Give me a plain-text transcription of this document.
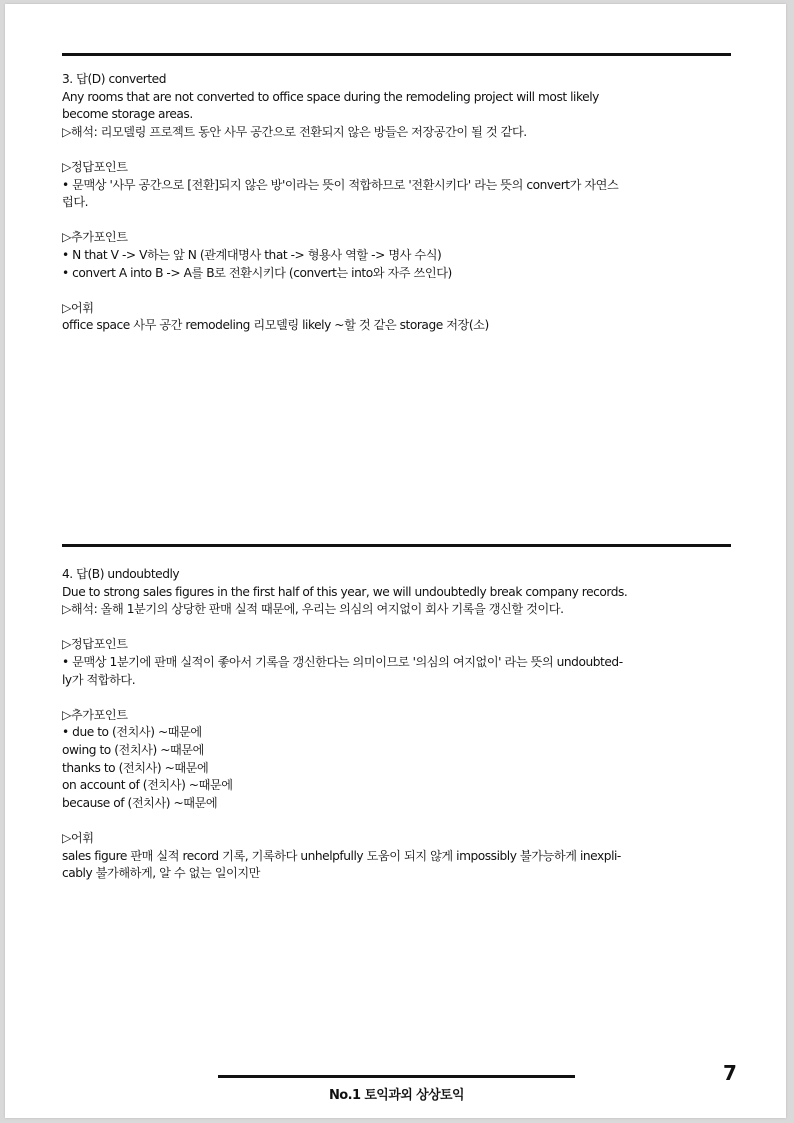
3. 답(D) converted
Any rooms that are not converted to office space during the remodeling project will most likely
become storage areas.
▷해석: 리모델링 프로젝트 동안 사무 공간으로 전환되지 않은 방들은 저장공간이 될 것 같다.
▷정답포인트
• 문맥상 '사무 공간으로 [전환]되지 않은 방'이라는 뜻이 적합하므로 '전환시키다' 라는 뜻의 convert가 자연스
럽다.
▷추가포인트
• N that V -> V하는 앞 N (관계대명사 that -> 형용사 역할 -> 명사 수식)
• convert A into B -> A를 B로 전환시키다 (convert는 into와 자주 쓰인다)
▷어휘
office space 사무 공간 remodeling 리모델링 likely ~할 것 같은 storage 저장(소)
4. 답(B) undoubtedly
Due to strong sales figures in the first half of this year, we will undoubtedly break company records.
▷해석: 올해 1분기의 상당한 판매 실적 때문에, 우리는 의심의 여지없이 회사 기록을 갱신할 것이다.
▷정답포인트
• 문맥상 1분기에 판매 실적이 좋아서 기록을 갱신한다는 의미이므로 '의심의 여지없이' 라는 뜻의 undoubted-
ly가 적합하다.
▷추가포인트
• due to (전치사) ~때문에
owing to (전치사) ~때문에
thanks to (전치사) ~때문에
on account of (전치사) ~때문에
because of (전치사) ~때문에
▷어휘
sales figure 판매 실적 record 기록, 기록하다 unhelpfully 도움이 되지 않게 impossibly 불가능하게 inexpli-
cably 불가해하게, 알 수 없는 일이지만
No.1 토익과외 상상토익
7
